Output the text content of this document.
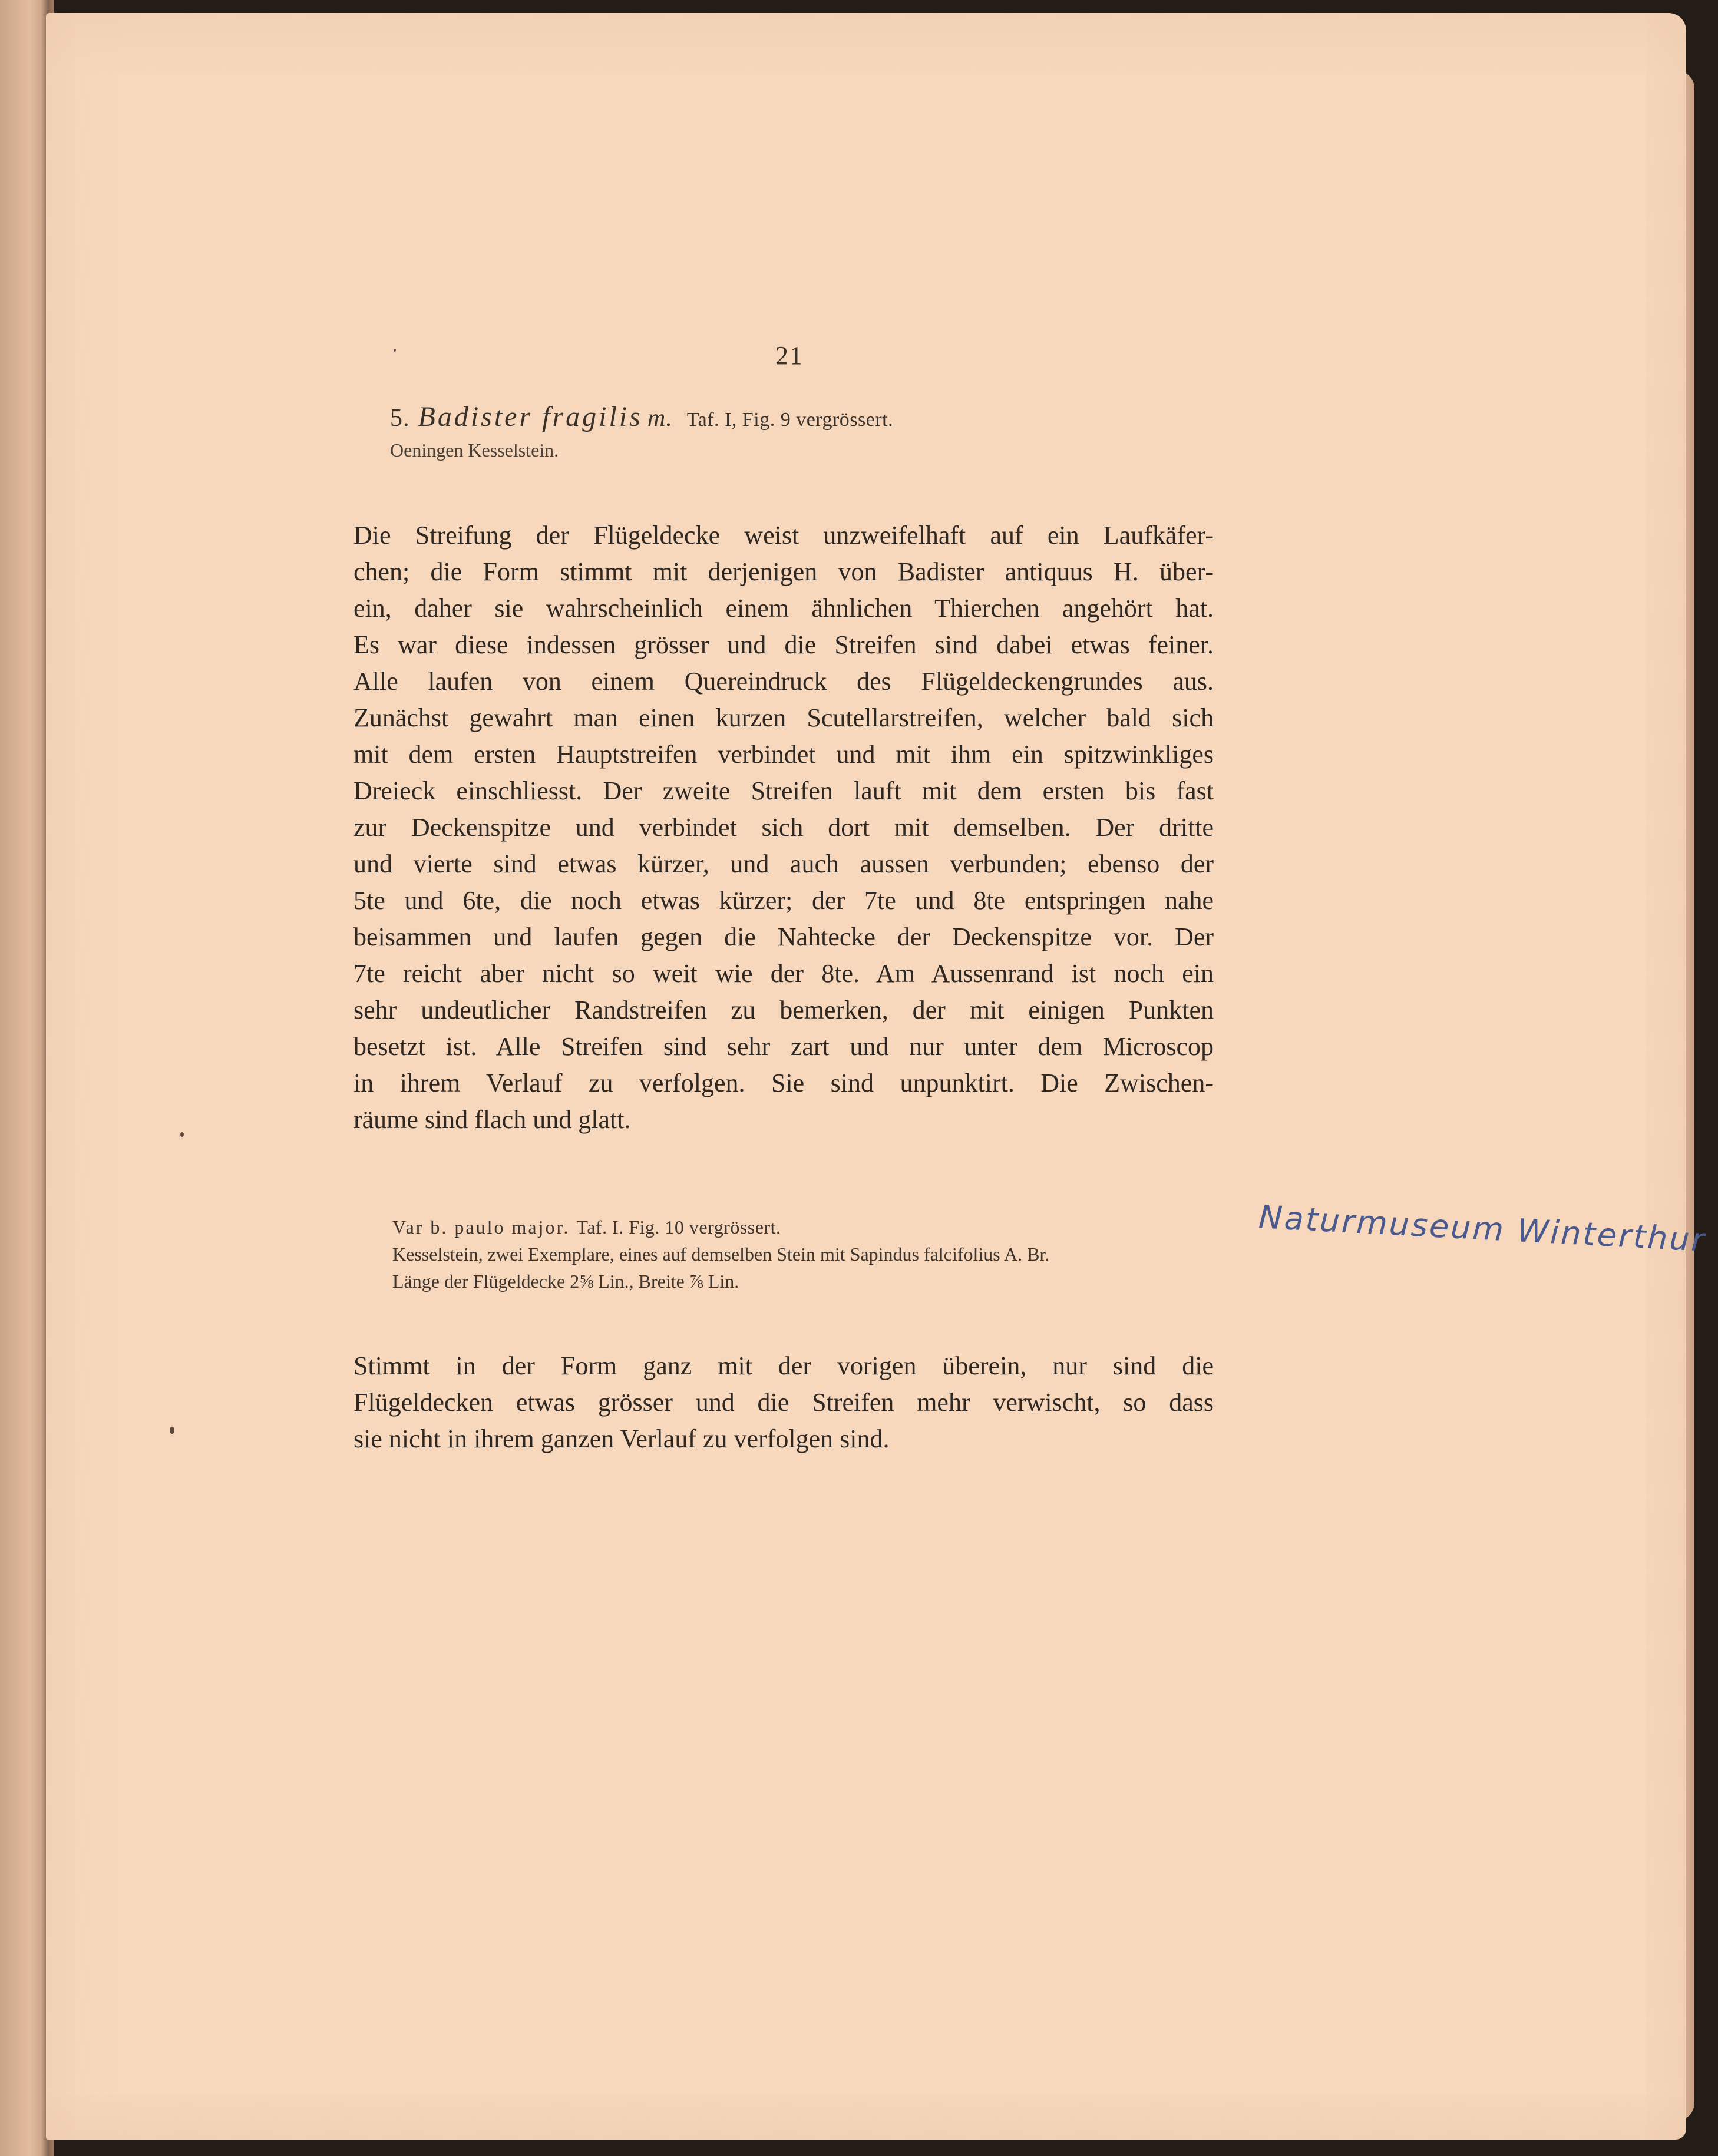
21
5. Badister fragilis m. Taf. I, Fig. 9 vergrössert.
Oeningen Kesselstein.

Die Streifung der Flügeldecke weist unzweifelhaft auf ein Laufkäfer-
chen; die Form stimmt mit derjenigen von Badister antiquus H. über-
ein, daher sie wahrscheinlich einem ähnlichen Thierchen angehört hat.
Es war diese indessen grösser und die Streifen sind dabei etwas feiner.
Alle laufen von einem Quereindruck des Flügeldeckengrundes aus.
Zunächst gewahrt man einen kurzen Scutellarstreifen, welcher bald sich
mit dem ersten Hauptstreifen verbindet und mit ihm ein spitzwinkliges
Dreieck einschliesst. Der zweite Streifen lauft mit dem ersten bis fast
zur Deckenspitze und verbindet sich dort mit demselben. Der dritte
und vierte sind etwas kürzer, und auch aussen verbunden; ebenso der
5te und 6te, die noch etwas kürzer; der 7te und 8te entspringen nahe
beisammen und laufen gegen die Nahtecke der Deckenspitze vor. Der
7te reicht aber nicht so weit wie der 8te. Am Aussenrand ist noch ein
sehr undeutlicher Randstreifen zu bemerken, der mit einigen Punkten
besetzt ist. Alle Streifen sind sehr zart und nur unter dem Microscop
in ihrem Verlauf zu verfolgen. Sie sind unpunktirt. Die Zwischen-
räume sind flach und glatt.

Var b. paulo major. Taf. I. Fig. 10 vergrössert.
Kesselstein, zwei Exemplare, eines auf demselben Stein mit Sapindus falcifolius A. Br.
Länge der Flügeldecke 2⅝ Lin., Breite ⅞ Lin.
Naturmuseum Winterthur

Stimmt in der Form ganz mit der vorigen überein, nur sind die
Flügeldecken etwas grösser und die Streifen mehr verwischt, so dass
sie nicht in ihrem ganzen Verlauf zu verfolgen sind.
